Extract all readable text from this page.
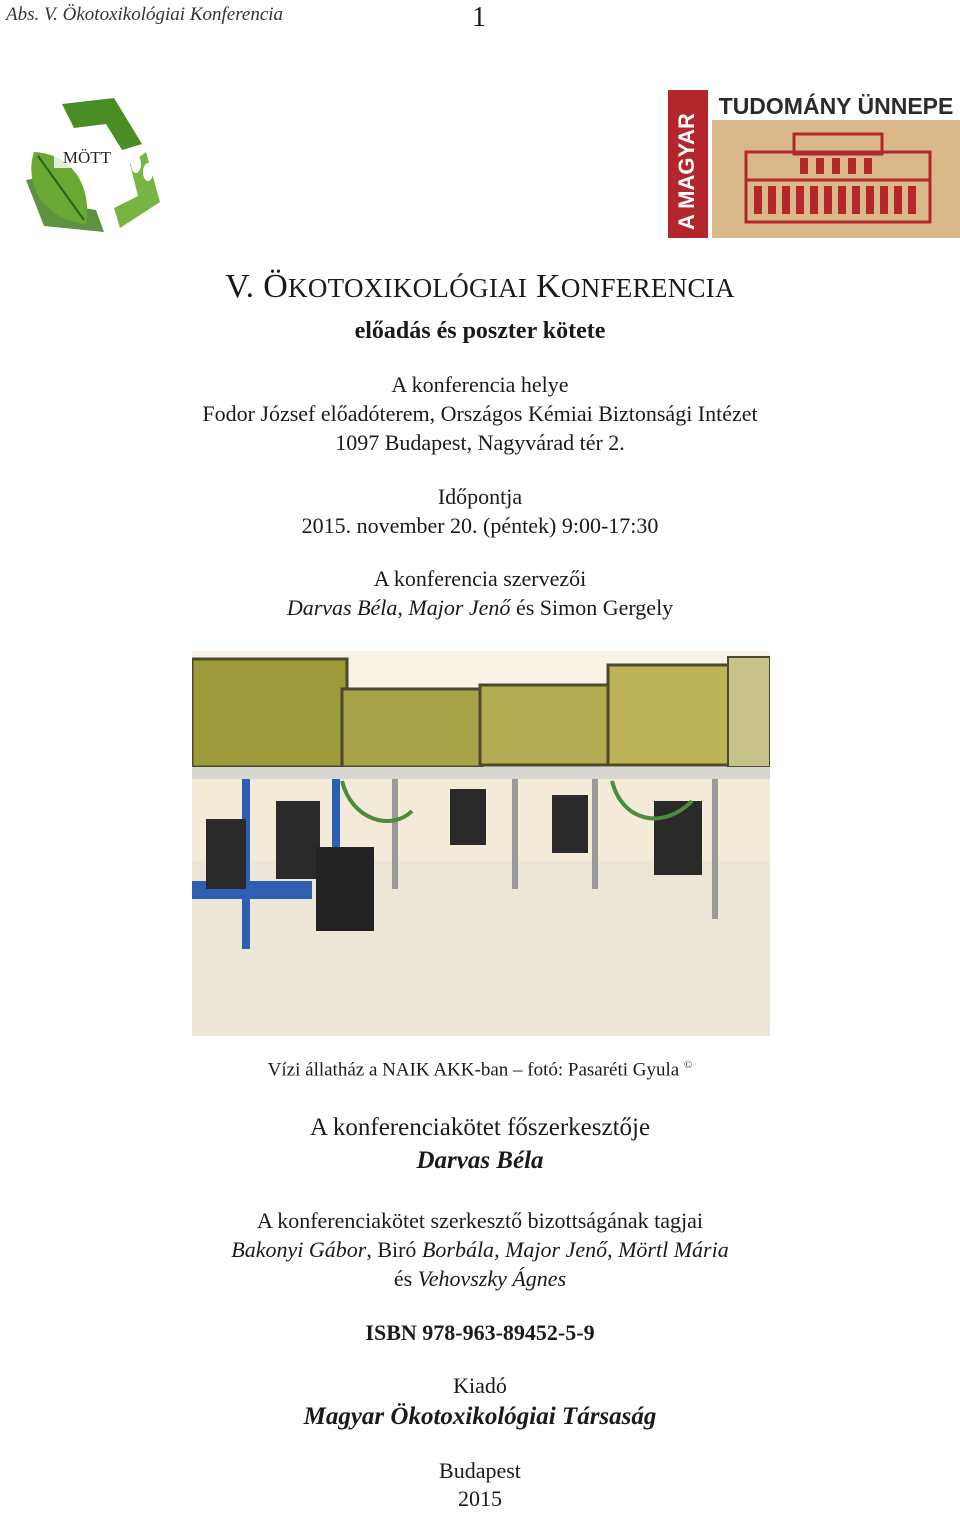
Abs. V. Ökotoxikológiai Konferencia	1
MÖTT	A MAGYAR
TUDOMÁNY ÜNNEPE
V. ÖKOTOXIKOLÓGIAI KONFERENCIA
előadás és poszter kötete
A konferencia helye
Fodor József előadóterem, Országos Kémiai Biztonsági Intézet
1097 Budapest, Nagyvárad tér 2.
Időpontja
2015. november 20. (péntek) 9:00-17:30
A konferencia szervezői
Darvas Béla, Major Jenő és Simon Gergely
Vízi állatház a NAIK AKK-ban – fotó: Pasaréti Gyula ©
A konferenciakötet főszerkesztője
Darvas Béla
A konferenciakötet szerkesztő bizottságának tagjai
Bakonyi Gábor, Biró Borbála, Major Jenő, Mörtl Mária
és Vehovszky Ágnes
ISBN 978-963-89452-5-9
Kiadó
Magyar Ökotoxikológiai Társaság
Budapest
2015
